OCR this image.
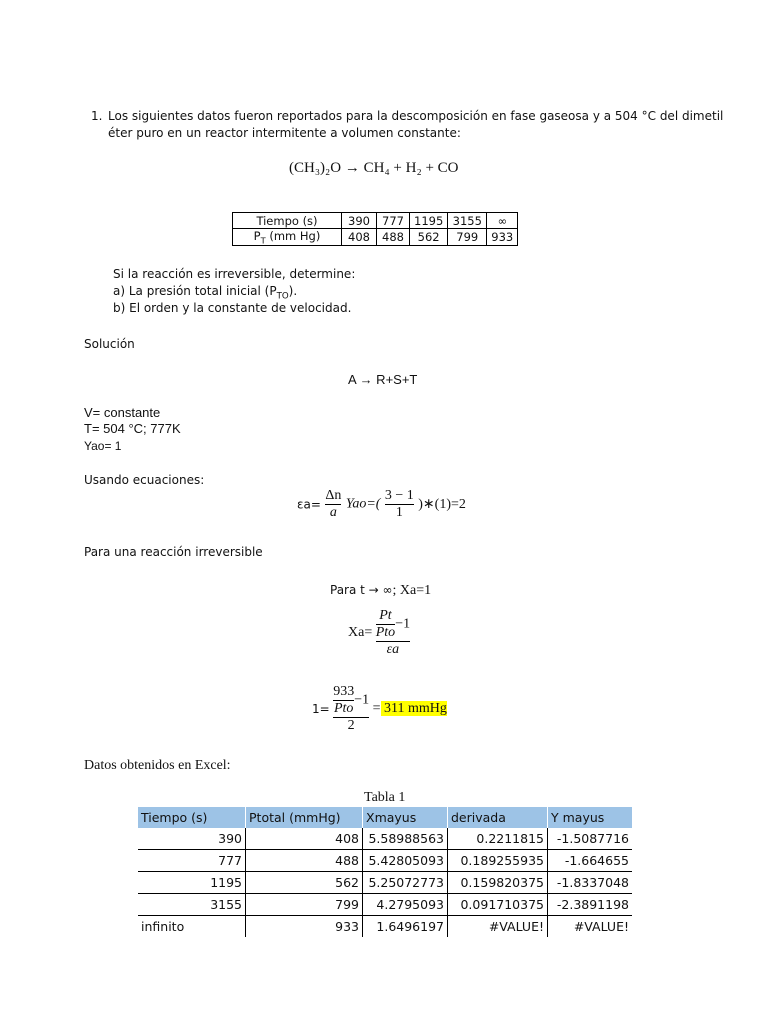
1. Los siguientes datos fueron reportados para la descomposición en fase gaseosa y a 504 °C del dimetil
éter puro en un reactor intermitente a volumen constante:
(CH₃)₂O → CH₄ + H₂ + CO
Tiempo (s)	390	777	1195	3155	∞
$P_T$ (mm Hg)	408	488	562	799	933
Si la reacción es irreversible, determine:
a) La presión total inicial $(P_{TO})$.
b) El orden y la constante de velocidad.
Solución
A → R+S+T
V= constante
T= 504 °C; 777K
Yao= 1
Usando ecuaciones:
$\varepsilon a= \frac{\Delta n}{a} Yao=( \frac{3 - 1}{1}$ )∗(1)=2
Para una reacción irreversible
Para t → ∞; Xa=1
$Xa= \frac{\frac{Pt}{\text{Pto}} -1}{\varepsilon a}$
$1= \frac{\frac{933}{\text{Pto}} -1}{2} = 311$ mmHg
Datos obtenidos en Excel:
Tabla 1
Tiempo (s)	Ptotal (mmHg)	Xmayus	derivada	Y mayus
390	408	5.58988563	0.2211815	-1.5087716
777	488	5.42805093	0.189255935	-1.664655
1195	562	5.25072773	0.159820375	-1.8337048
3155	799	4.2795093	0.091710375	-2.3891198
infinito	933	1.6496197	#VALUE!	#VALUE!
